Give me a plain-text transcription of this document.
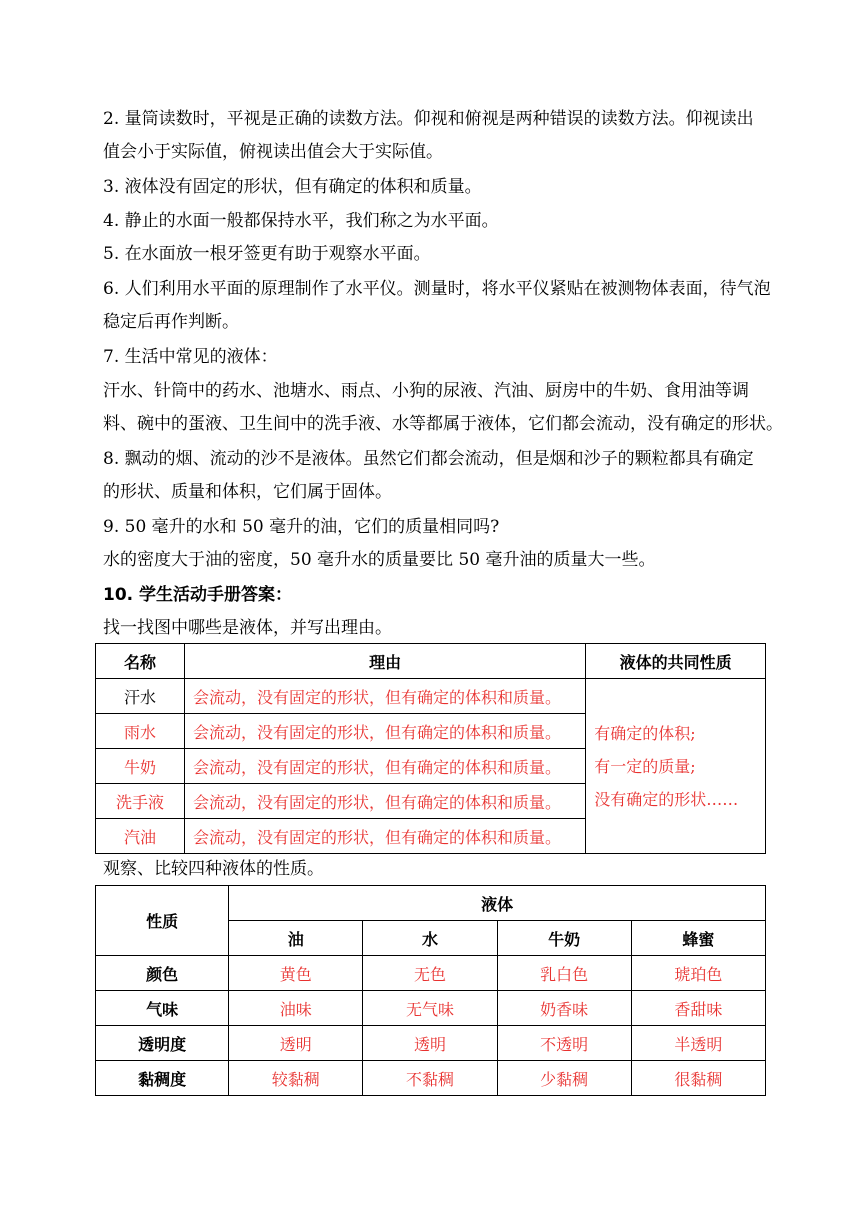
2. 量筒读数时，平视是正确的读数方法。仰视和俯视是两种错误的读数方法。仰视读出
值会小于实际值，俯视读出值会大于实际值。
3. 液体没有固定的形状，但有确定的体积和质量。
4. 静止的水面一般都保持水平，我们称之为水平面。
5. 在水面放一根牙签更有助于观察水平面。
6. 人们利用水平面的原理制作了水平仪。测量时，将水平仪紧贴在被测物体表面，待气泡
稳定后再作判断。
7. 生活中常见的液体：
汗水、针筒中的药水、池塘水、雨点、小狗的尿液、汽油、厨房中的牛奶、食用油等调
料、碗中的蛋液、卫生间中的洗手液、水等都属于液体，它们都会流动，没有确定的形状。
8. 飘动的烟、流动的沙不是液体。虽然它们都会流动，但是烟和沙子的颗粒都具有确定
的形状、质量和体积，它们属于固体。
9. 50 毫升的水和 50 毫升的油，它们的质量相同吗?
水的密度大于油的密度，50 毫升水的质量要比 50 毫升油的质量大一些。
10. 学生活动手册答案：
找一找图中哪些是液体，并写出理由。
名称	理由	液体的共同性质
汗水	会流动，没有固定的形状，但有确定的体积和质量。	有确定的体积;
有一定的质量;
没有确定的形状……

雨水	会流动，没有固定的形状，但有确定的体积和质量。	
牛奶	会流动，没有固定的形状，但有确定的体积和质量。	
洗手液	会流动，没有固定的形状，但有确定的体积和质量。	
汽油	会流动，没有固定的形状，但有确定的体积和质量。	
观察、比较四种液体的性质。
性质	液体			
	油	水	牛奶	蜂蜜
颜色	黄色	无色	乳白色	琥珀色
气味	油味	无气味	奶香味	香甜味
透明度	透明	透明	不透明	半透明
黏稠度	较黏稠	不黏稠	少黏稠	很黏稠
